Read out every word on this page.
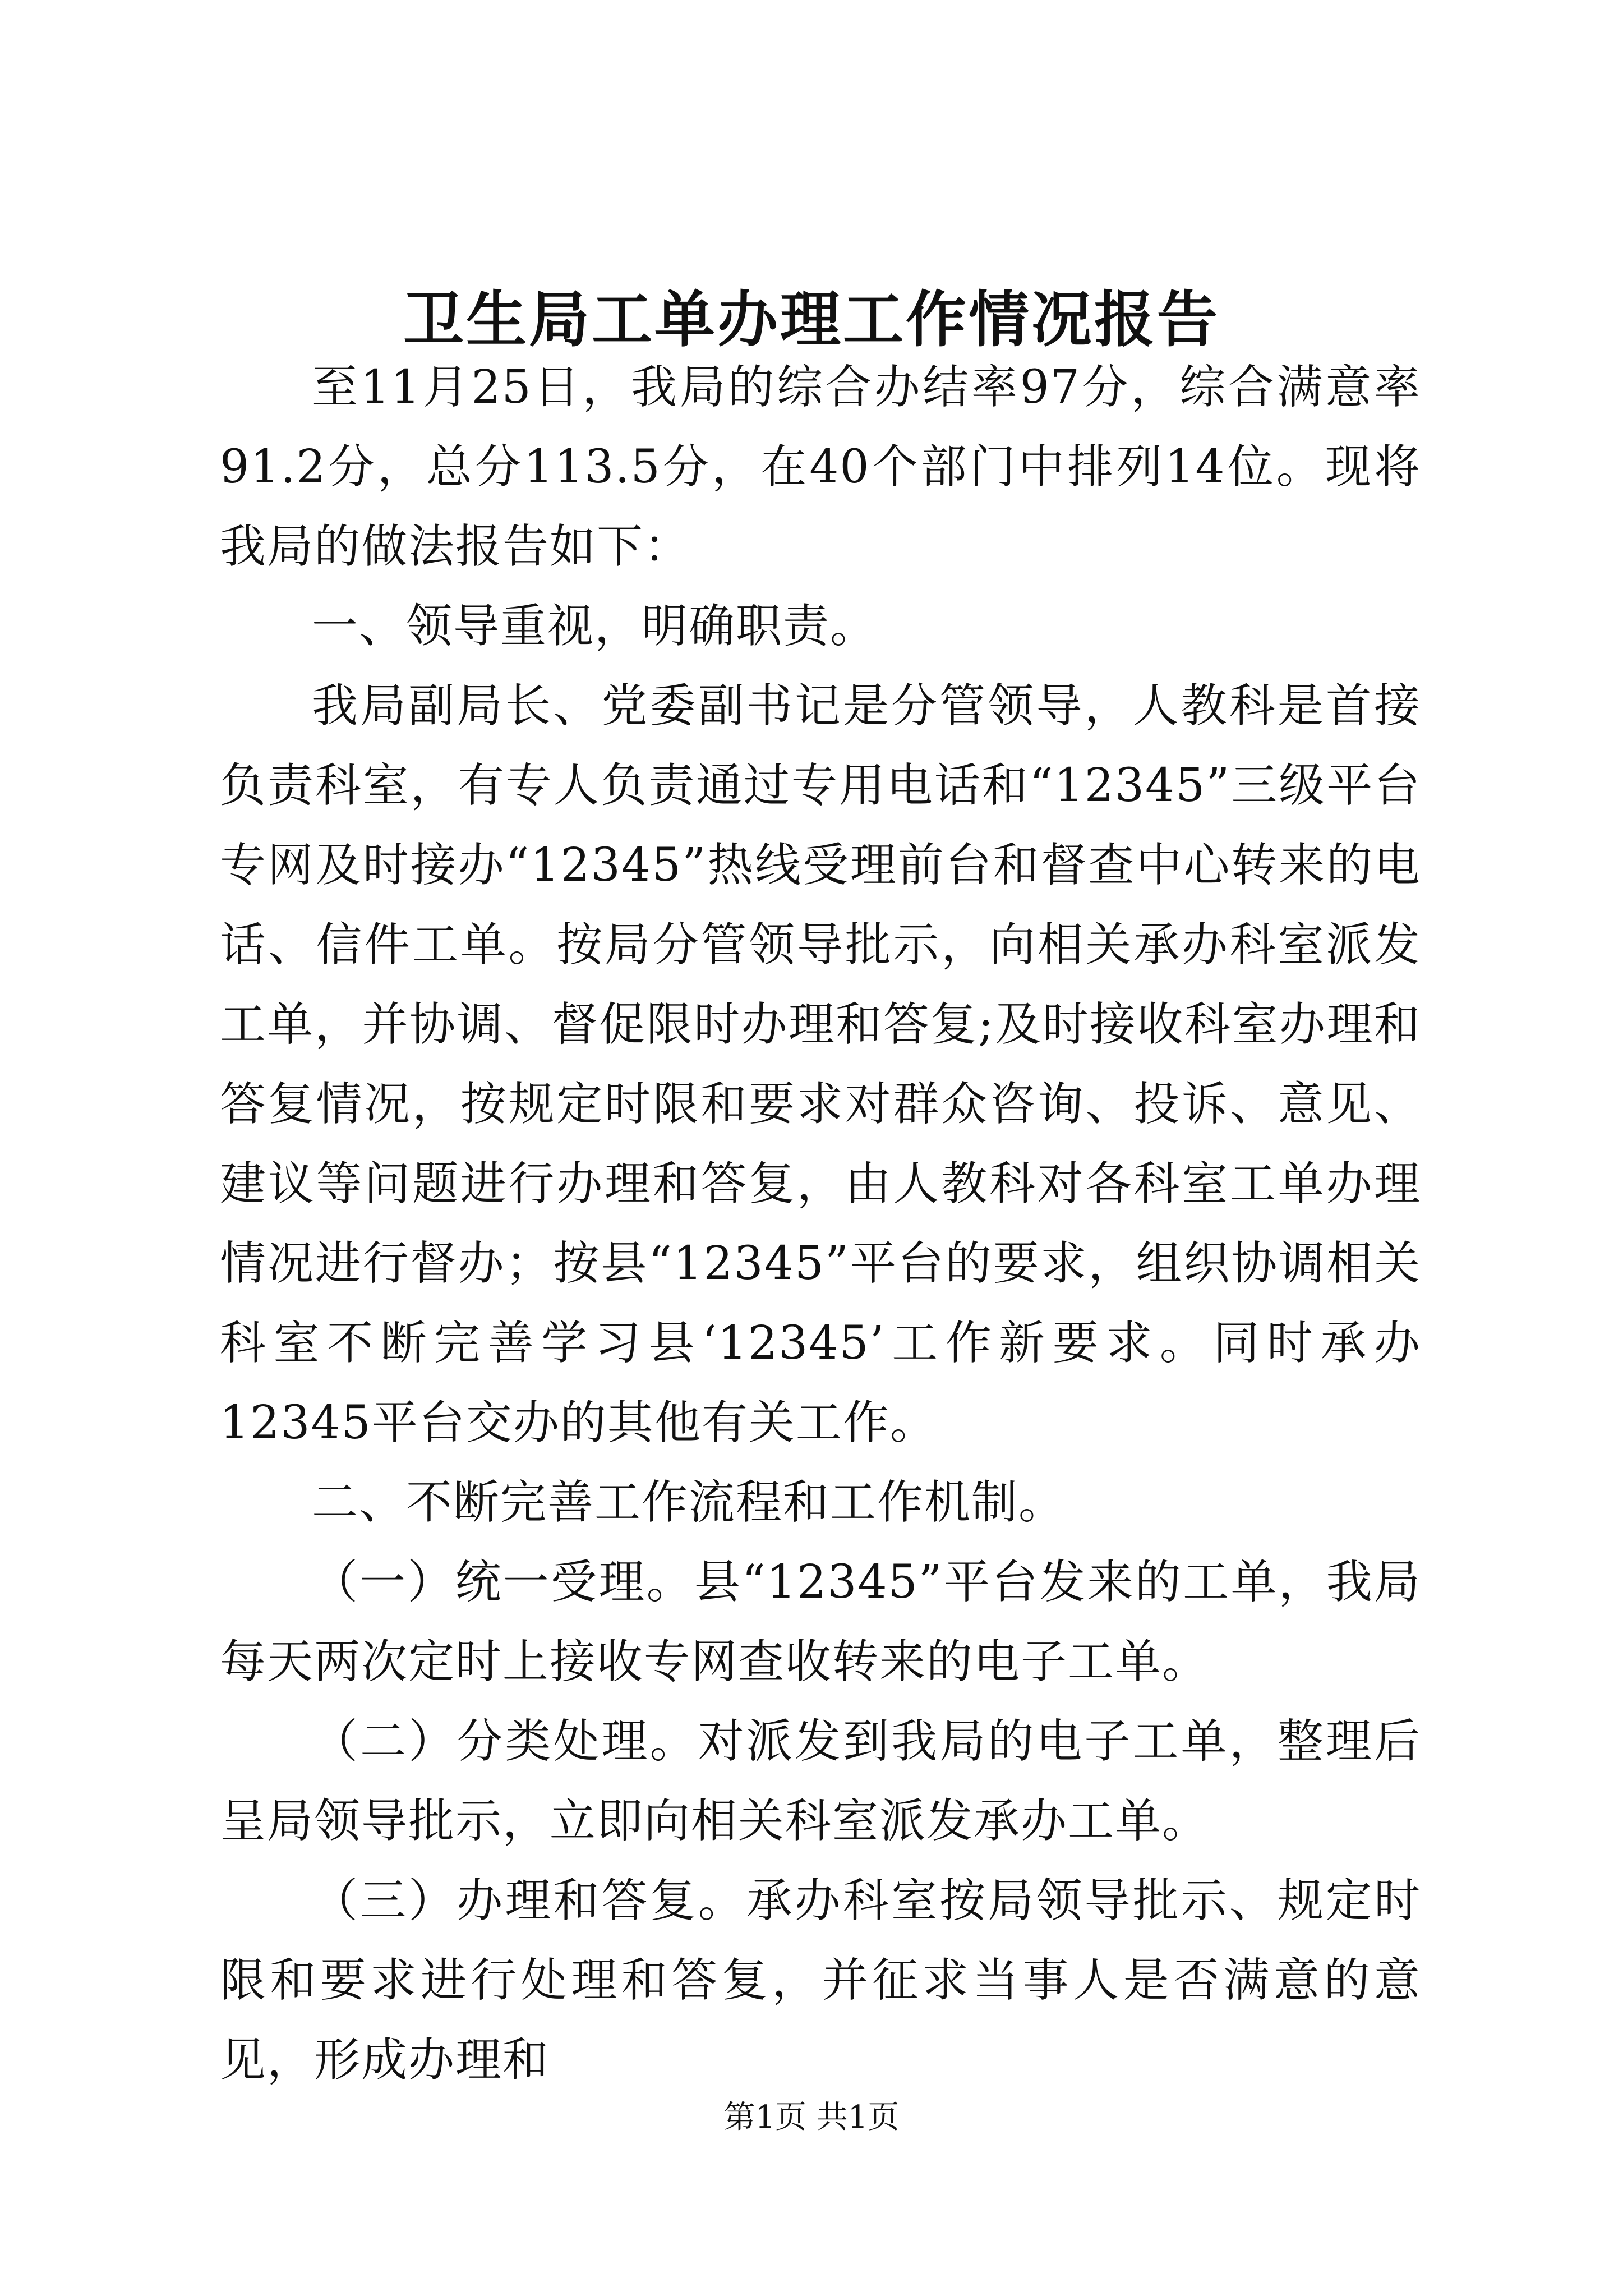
卫生局工单办理工作情况报告

至11月25日，我局的综合办结率97分，综合满意率91.2分，总分113.5分，在40个部门中排列14位。现将我局的做法报告如下：

一、领导重视，明确职责。

我局副局长、党委副书记是分管领导，人教科是首接负责科室，有专人负责通过专用电话和“12345”三级平台专网及时接办“12345”热线受理前台和督查中心转来的电话、信件工单。按局分管领导批示，向相关承办科室派发工单，并协调、督促限时办理和答复;及时接收科室办理和答复情况，按规定时限和要求对群众咨询、投诉、意见、建议等问题进行办理和答复，由人教科对各科室工单办理情况进行督办；按县“12345”平台的要求，组织协调相关科室不断完善学习县‘12345’工作新要求。同时承办12345平台交办的其他有关工作。

二、不断完善工作流程和工作机制。

（一）统一受理。县“12345”平台发来的工单，我局每天两次定时上接收专网查收转来的电子工单。

（二）分类处理。对派发到我局的电子工单，整理后呈局领导批示，立即向相关科室派发承办工单。

（三）办理和答复。承办科室按局领导批示、规定时限和要求进行处理和答复，并征求当事人是否满意的意见，形成办理和

第1页 共1页
